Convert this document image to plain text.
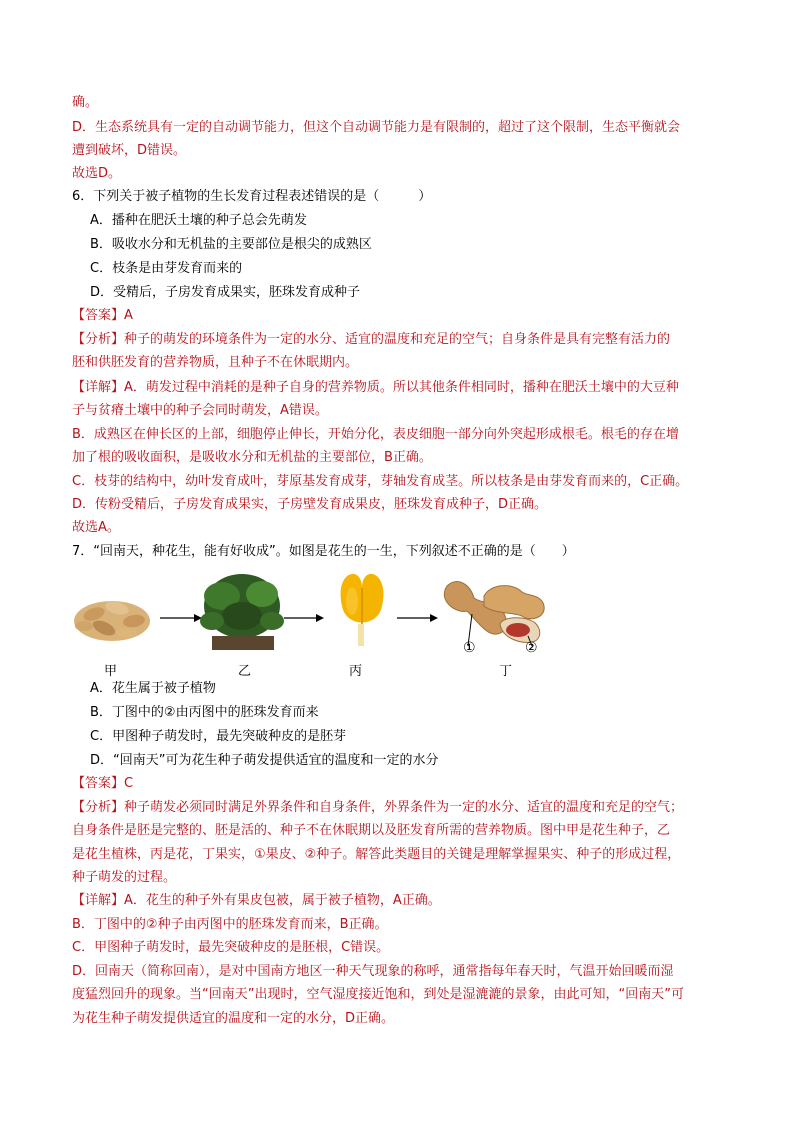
确。
D．生态系统具有一定的自动调节能力，但这个自动调节能力是有限制的，超过了这个限制，生态平衡就会
遭到破坏，D错误。
故选D。
6．下列关于被子植物的生长发育过程表述错误的是（　　　）
A．播种在肥沃土壤的种子总会先萌发
B．吸收水分和无机盐的主要部位是根尖的成熟区
C．枝条是由芽发育而来的
D．受精后，子房发育成果实，胚珠发育成种子
【答案】A
【分析】种子的萌发的环境条件为一定的水分、适宜的温度和充足的空气；自身条件是具有完整有活力的
胚和供胚发育的营养物质，且种子不在休眠期内。
【详解】A．萌发过程中消耗的是种子自身的营养物质。所以其他条件相同时，播种在肥沃土壤中的大豆种
子与贫瘠土壤中的种子会同时萌发，A错误。
B．成熟区在伸长区的上部，细胞停止伸长，开始分化，表皮细胞一部分向外突起形成根毛。根毛的存在增
加了根的吸收面积，是吸收水分和无机盐的主要部位，B正确。
C．枝芽的结构中，幼叶发育成叶，芽原基发育成芽，芽轴发育成茎。所以枝条是由芽发育而来的，C正确。
D．传粉受精后，子房发育成果实，子房壁发育成果皮，胚珠发育成种子，D正确。
故选A。
7．“回南天，种花生，能有好收成”。如图是花生的一生，下列叙述不正确的是（　　）
甲	乙	丙	丁
①	②
A．花生属于被子植物
B．丁图中的②由丙图中的胚珠发育而来
C．甲图种子萌发时，最先突破种皮的是胚芽
D．“回南天”可为花生种子萌发提供适宜的温度和一定的水分
【答案】C
【分析】种子萌发必须同时满足外界条件和自身条件，外界条件为一定的水分、适宜的温度和充足的空气；
自身条件是胚是完整的、胚是活的、种子不在休眠期以及胚发育所需的营养物质。图中甲是花生种子，乙
是花生植株，丙是花，丁果实，①果皮、②种子。解答此类题目的关键是理解掌握果实、种子的形成过程，
种子萌发的过程。
【详解】A．花生的种子外有果皮包被，属于被子植物，A正确。
B．丁图中的②种子由丙图中的胚珠发育而来，B正确。
C．甲图种子萌发时，最先突破种皮的是胚根，C错误。
D．回南天（简称回南），是对中国南方地区一种天气现象的称呼，通常指每年春天时，气温开始回暖而湿
度猛烈回升的现象。当“回南天”出现时，空气湿度接近饱和，到处是湿漉漉的景象，由此可知，“回南天”可
为花生种子萌发提供适宜的温度和一定的水分，D正确。
